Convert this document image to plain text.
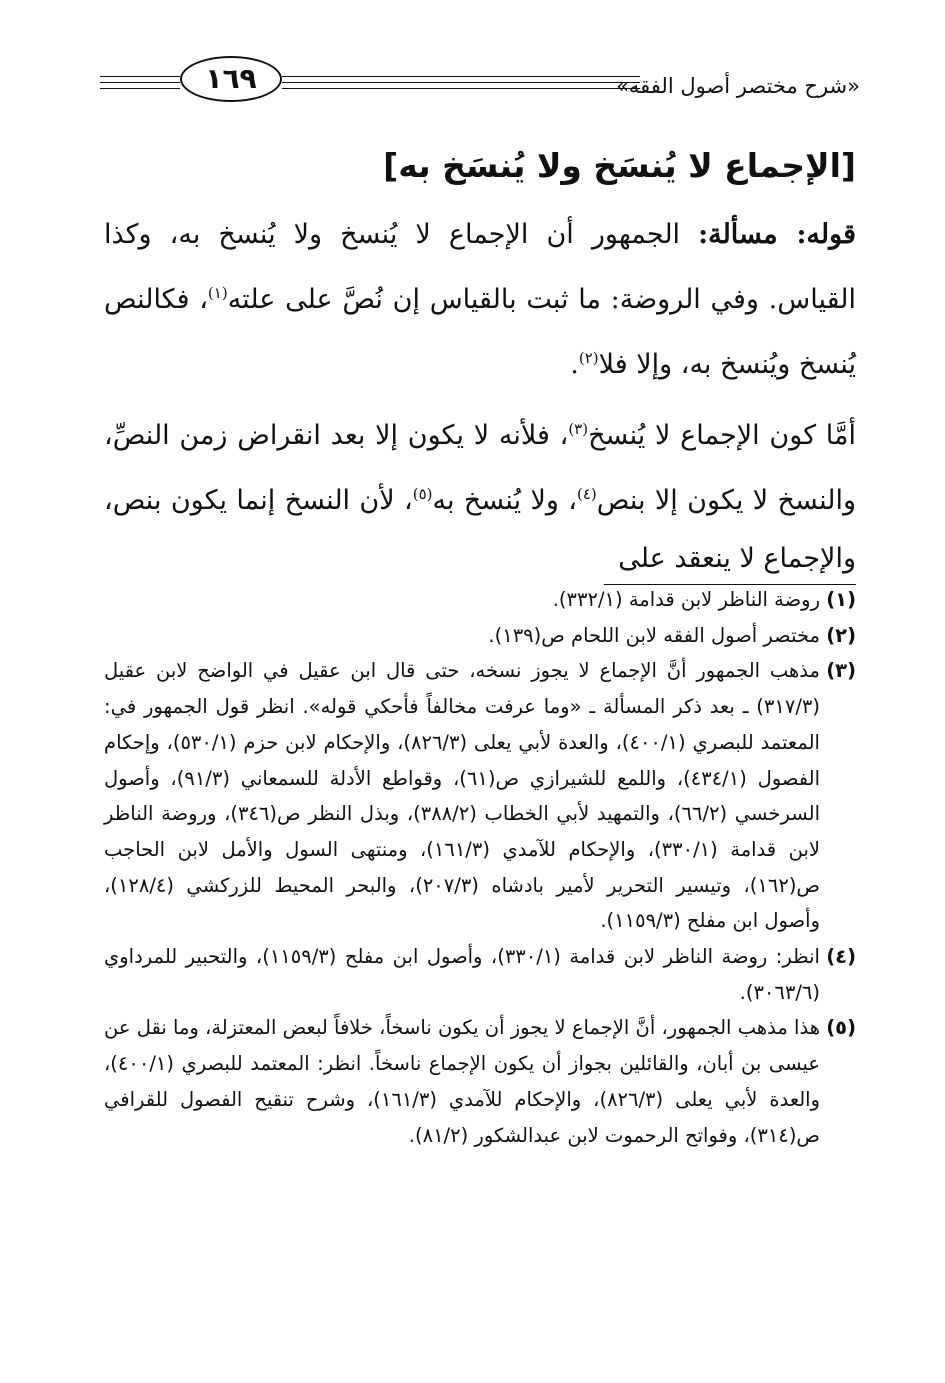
١٦٩	«شرح مختصر أصول الفقه»
[الإجماع لا يُنسَخ ولا يُنسَخ به]

قوله: مسألة: الجمهور أن الإجماع لا يُنسخ ولا يُنسخ به، وكذا القياس. وفي الروضة: ما ثبت بالقياس إن نُصَّ على علته$^{(١)}$، فكالنص يُنسخ ويُنسخ به، وإلا فلا$^{(٢)}$.

أمَّا كون الإجماع لا يُنسخ$^{(٣)}$، فلأنه لا يكون إلا بعد انقراض زمن النصِّ، والنسخ لا يكون إلا بنص$^{(٤)}$، ولا يُنسخ به$^{(٥)}$، لأن النسخ إنما يكون بنص، والإجماع لا ينعقد على

(١)
روضة الناظر لابن قدامة (٣٣٢/١).
(٢)
مختصر أصول الفقه لابن اللحام ص(١٣٩).
(٣)
مذهب الجمهور أنَّ الإجماع لا يجوز نسخه، حتى قال ابن عقيل في الواضح لابن عقيل (٣١٧/٣) ـ بعد ذكر المسألة ـ «وما عرفت مخالفاً فأحكي قوله». انظر قول الجمهور في: المعتمد للبصري (٤٠٠/١)، والعدة لأبي يعلى (٨٢٦/٣)، والإحكام لابن حزم (٥٣٠/١)، وإحكام الفصول (٤٣٤/١)، واللمع للشيرازي ص(٦١)، وقواطع الأدلة للسمعاني (٩١/٣)، وأصول السرخسي (٦٦/٢)، والتمهيد لأبي الخطاب (٣٨٨/٢)، وبذل النظر ص(٣٤٦)، وروضة الناظر لابن قدامة (٣٣٠/١)، والإحكام للآمدي (١٦١/٣)، ومنتهى السول والأمل لابن الحاجب ص(١٦٢)، وتيسير التحرير لأمير بادشاه (٢٠٧/٣)، والبحر المحيط للزركشي (١٢٨/٤)، وأصول ابن مفلح (١١٥٩/٣).
(٤)
انظر: روضة الناظر لابن قدامة (٣٣٠/١)، وأصول ابن مفلح (١١٥٩/٣)، والتحبير للمرداوي (٣٠٦٣/٦).
(٥)
هذا مذهب الجمهور، أنَّ الإجماع لا يجوز أن يكون ناسخاً، خلافاً لبعض المعتزلة، وما نقل عن عيسى بن أبان، والقائلين بجواز أن يكون الإجماع ناسخاً. انظر: المعتمد للبصري (٤٠٠/١)، والعدة لأبي يعلى (٨٢٦/٣)، والإحكام للآمدي (١٦١/٣)، وشرح تنقيح الفصول للقرافي ص(٣١٤)، وفواتح الرحموت لابن عبدالشكور (٨١/٢).
